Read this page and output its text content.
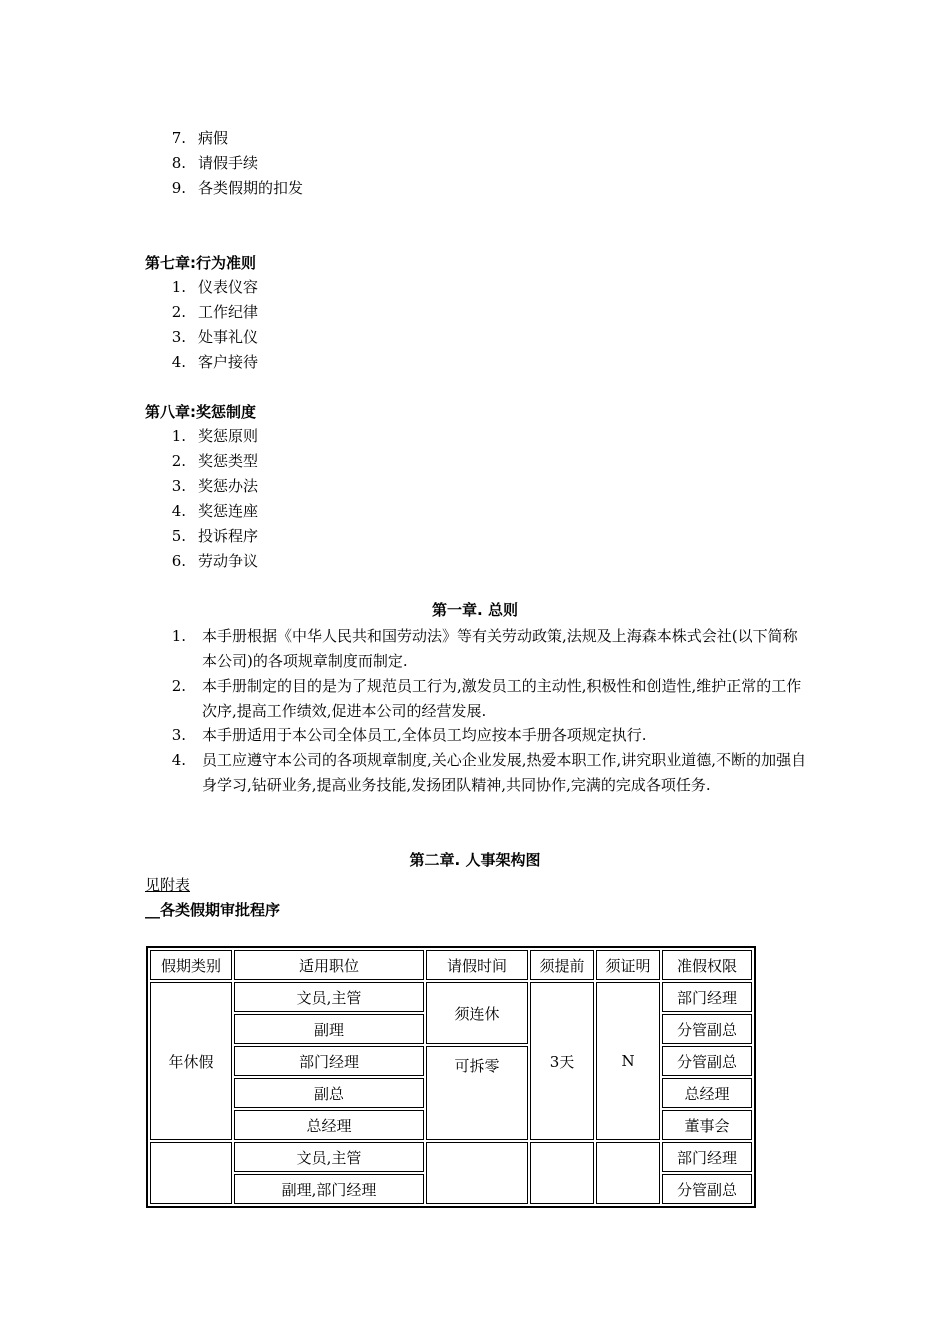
7. 病假
8. 请假手续
9. 各类假期的扣发
第七章:行为准则
1. 仪表仪容
2. 工作纪律
3. 处事礼仪
4. 客户接待
第八章:奖惩制度
1. 奖惩原则
2. 奖惩类型
3. 奖惩办法
4. 奖惩连座
5. 投诉程序
6. 劳动争议
第一章. 总则
1. 本手册根据《中华人民共和国劳动法》等有关劳动政策,法规及上海森本株式会社(以下简称本公司)的各项规章制度而制定.
2. 本手册制定的目的是为了规范员工行为,激发员工的主动性,积极性和创造性,维护正常的工作次序,提高工作绩效,促进本公司的经营发展.
3. 本手册适用于本公司全体员工,全体员工均应按本手册各项规定执行.
4. 员工应遵守本公司的各项规章制度,关心企业发展,热爱本职工作,讲究职业道德,不断的加强自身学习,钻研业务,提高业务技能,发扬团队精神,共同协作,完满的完成各项任务.
第二章. 人事架构图
见附表
__各类假期审批程序
假期类别	适用职位	请假时间	须提前	须证明	准假权限
年休假	文员,主管	须连休	3天	N	部门经理
	副理				分管副总
	部门经理	可拆零			分管副总
	副总				总经理
	总经理				董事会
	文员,主管				部门经理
	副理,部门经理				分管副总
